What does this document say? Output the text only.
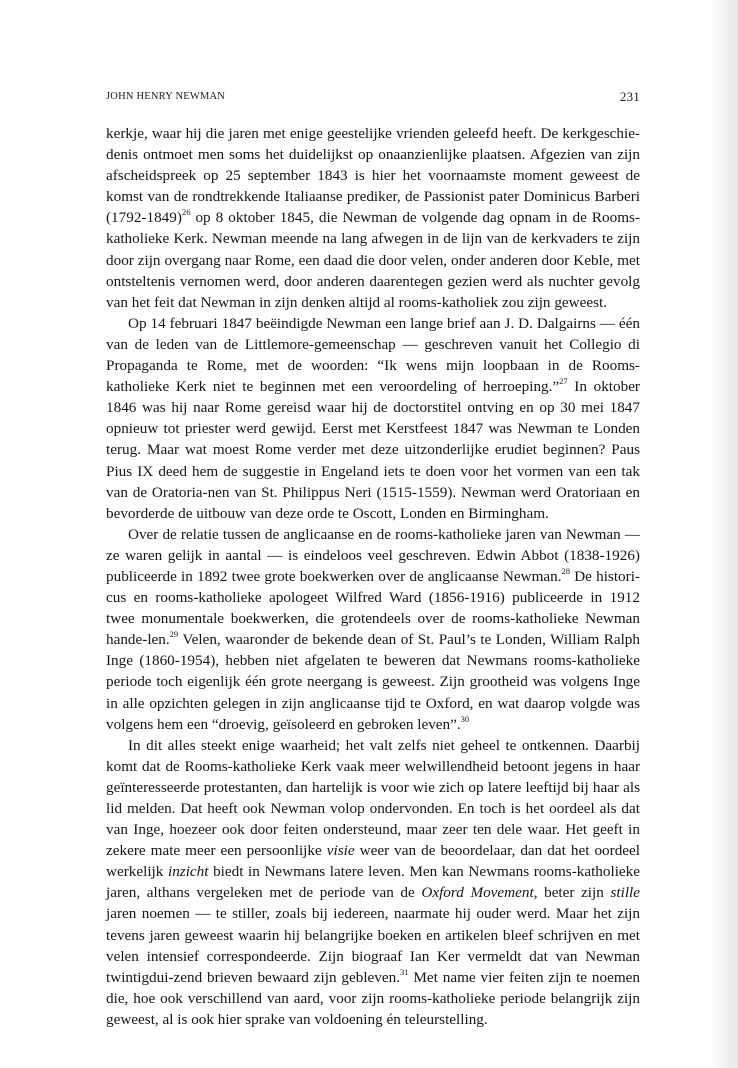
JOHN HENRY NEWMAN	231

kerkje, waar hij die jaren met enige geestelijke vrienden geleefd heeft. De kerkgeschie-denis ontmoet men soms het duidelijkst op onaanzienlijke plaatsen. Afgezien van zijn afscheidspreek op 25 september 1843 is hier het voornaamste moment geweest de komst van de rondtrekkende Italiaanse prediker, de Passionist pater Dominicus Barberi (1792-1849)$^{26}$ op 8 oktober 1845, die Newman de volgende dag opnam in de Rooms-katholieke Kerk. Newman meende na lang afwegen in de lijn van de kerkvaders te zijn door zijn overgang naar Rome, een daad die door velen, onder anderen door Keble, met ontsteltenis vernomen werd, door anderen daarentegen gezien werd als nuchter gevolg van het feit dat Newman in zijn denken altijd al rooms-katholiek zou zijn geweest.

Op 14 februari 1847 beëindigde Newman een lange brief aan J. D. Dalgairns — één van de leden van de Littlemore-gemeenschap — geschreven vanuit het Collegio di Propaganda te Rome, met de woorden: “Ik wens mijn loopbaan in de Rooms-katholieke Kerk niet te beginnen met een veroordeling of herroeping.”$^{27}$ In oktober 1846 was hij naar Rome gereisd waar hij de doctorstitel ontving en op 30 mei 1847 opnieuw tot priester werd gewijd. Eerst met Kerstfeest 1847 was Newman te Londen terug. Maar wat moest Rome verder met deze uitzonderlijke erudiet beginnen? Paus Pius IX deed hem de suggestie in Engeland iets te doen voor het vormen van een tak van de Oratoria-nen van St. Philippus Neri (1515-1559). Newman werd Oratoriaan en bevorderde de uitbouw van deze orde te Oscott, Londen en Birmingham.

Over de relatie tussen de anglicaanse en de rooms-katholieke jaren van Newman — ze waren gelijk in aantal — is eindeloos veel geschreven. Edwin Abbot (1838-1926) publiceerde in 1892 twee grote boekwerken over de anglicaanse Newman.$^{28}$ De histori-cus en rooms-katholieke apologeet Wilfred Ward (1856-1916) publiceerde in 1912 twee monumentale boekwerken, die grotendeels over de rooms-katholieke Newman hande-len.$^{29}$ Velen, waaronder de bekende dean of St. Paul’s te Londen, William Ralph Inge (1860-1954), hebben niet afgelaten te beweren dat Newmans rooms-katholieke periode toch eigenlijk één grote neergang is geweest. Zijn grootheid was volgens Inge in alle opzichten gelegen in zijn anglicaanse tijd te Oxford, en wat daarop volgde was volgens hem een “droevig, geïsoleerd en gebroken leven”.$^{30}$

In dit alles steekt enige waarheid; het valt zelfs niet geheel te ontkennen. Daarbij komt dat de Rooms-katholieke Kerk vaak meer welwillendheid betoont jegens in haar geïnteresseerde protestanten, dan hartelijk is voor wie zich op latere leeftijd bij haar als lid melden. Dat heeft ook Newman volop ondervonden. En toch is het oordeel als dat van Inge, hoezeer ook door feiten ondersteund, maar zeer ten dele waar. Het geeft in zekere mate meer een persoonlijke visie weer van de beoordelaar, dan dat het oordeel werkelijk inzicht biedt in Newmans latere leven. Men kan Newmans rooms-katholieke jaren, althans vergeleken met de periode van de Oxford Movement, beter zijn stille jaren noemen — te stiller, zoals bij iedereen, naarmate hij ouder werd. Maar het zijn tevens jaren geweest waarin hij belangrijke boeken en artikelen bleef schrijven en met velen intensief correspondeerde. Zijn biograaf Ian Ker vermeldt dat van Newman twintigdui-zend brieven bewaard zijn gebleven.$^{31}$ Met name vier feiten zijn te noemen die, hoe ook verschillend van aard, voor zijn rooms-katholieke periode belangrijk zijn geweest, al is ook hier sprake van voldoening én teleurstelling.
